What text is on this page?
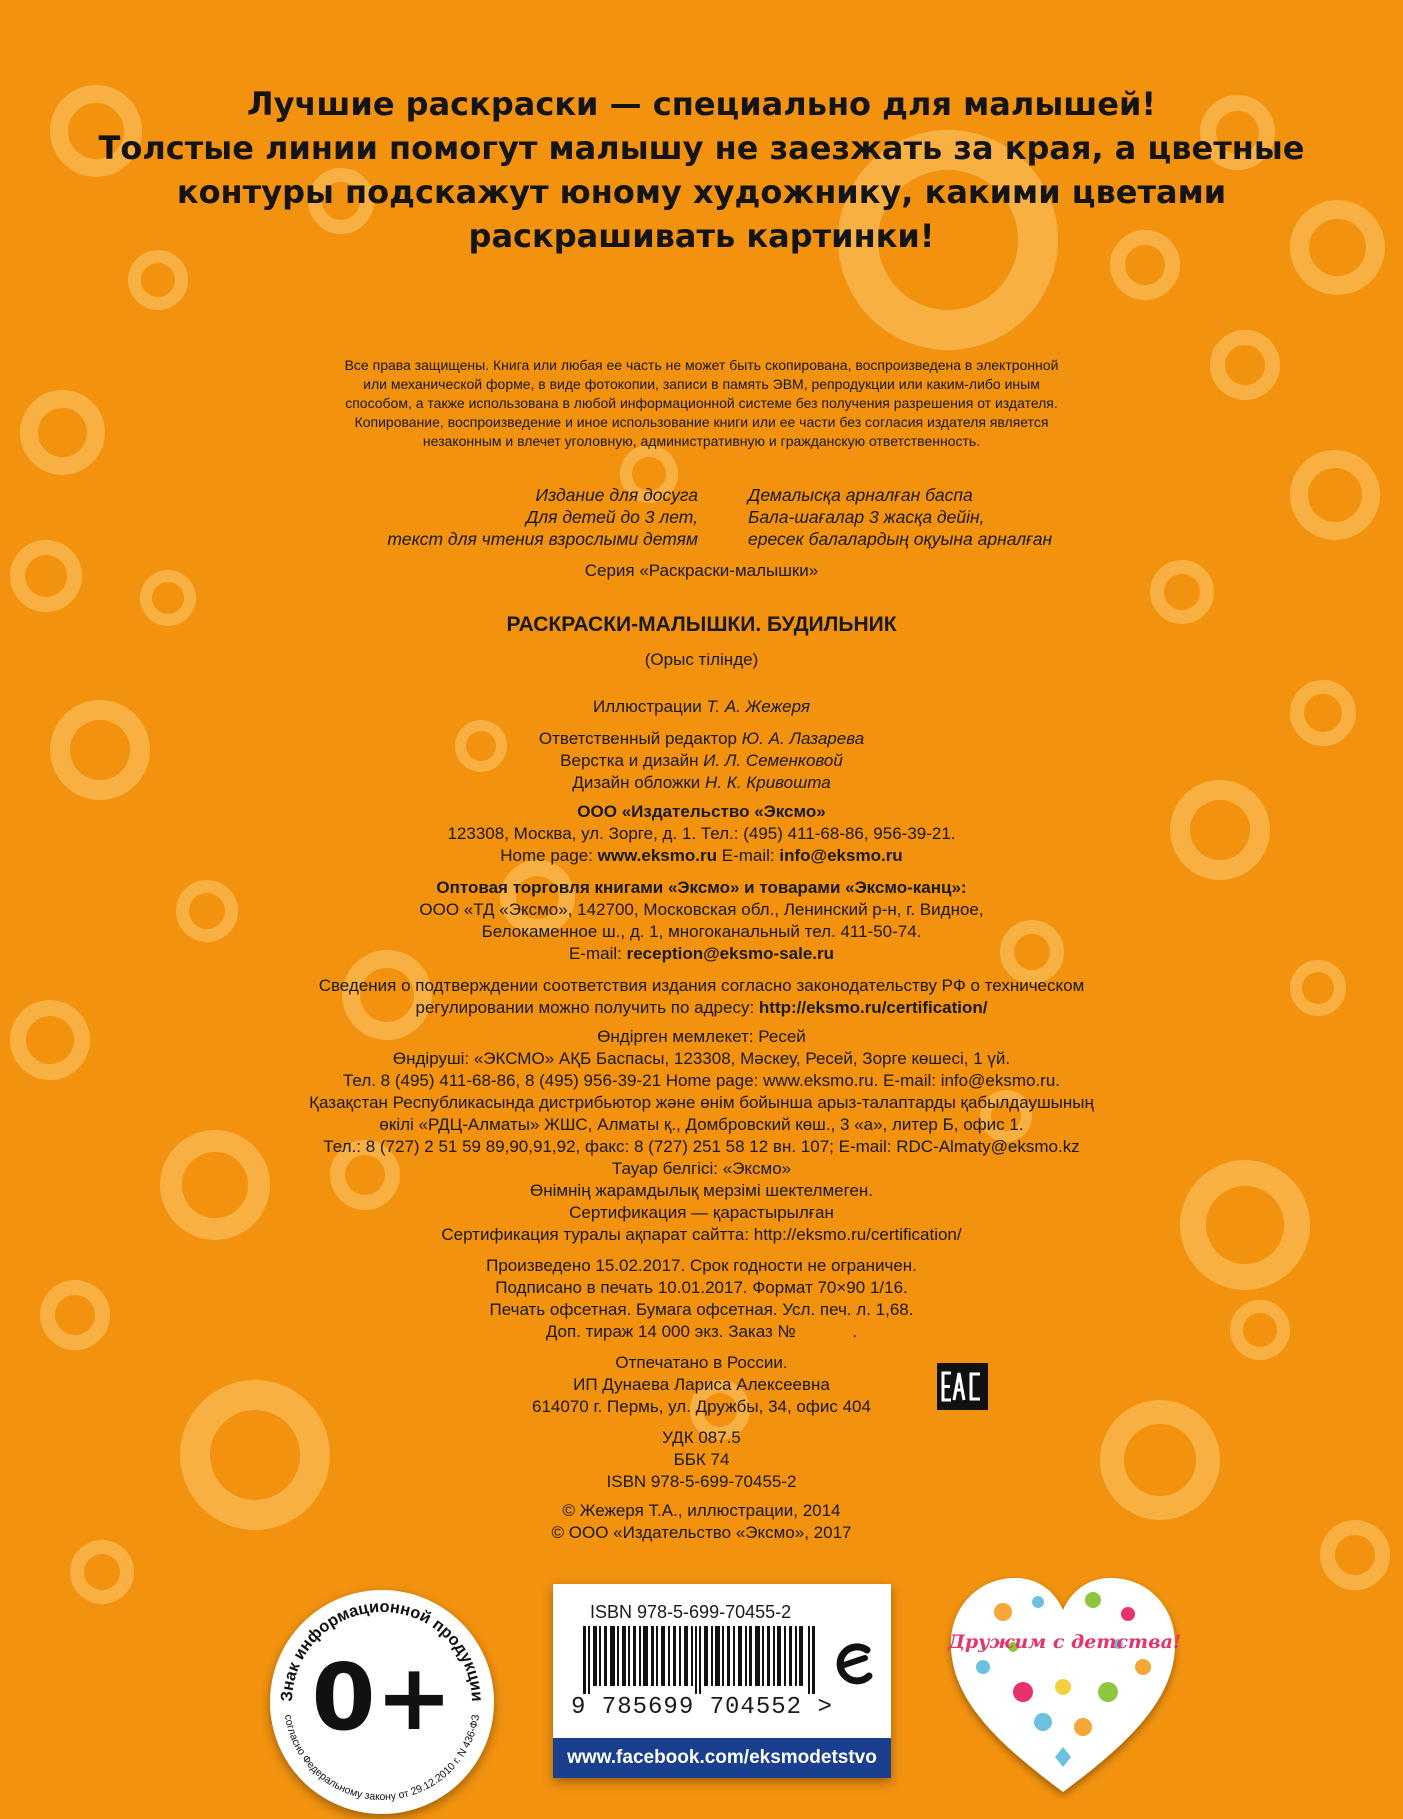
Лучшие раскраски — специально для малышей!
Толстые линии помогут малышу не заезжать за края, а цветные
контуры подскажут юному художнику, какими цветами
раскрашивать картинки!
Все права защищены. Книга или любая ее часть не может быть скопирована, воспроизведена в электронной
или механической форме, в виде фотокопии, записи в память ЭВМ, репродукции или каким-либо иным
способом, а также использована в любой информационной системе без получения разрешения от издателя.
Копирование, воспроизведение и иное использование книги или ее части без согласия издателя является
незаконным и влечет уголовную, административную и гражданскую ответственность.
Издание для досуга
Для детей до 3 лет,
текст для чтения взрослыми детям
Демалысқа арналған баспа
Бала-шағалар 3 жасқа дейін,
ересек балалардың оқуына арналған
Серия «Раскраски-малышки»
РАСКРАСКИ-МАЛЫШКИ. БУДИЛЬНИК
(Орыс тілінде)
Иллюстрации Т. А. Жежеря
Ответственный редактор Ю. А. Лазарева
Верстка и дизайн И. Л. Семенковой
Дизайн обложки Н. К. Кривошта
ООО «Издательство «Эксмо»
123308, Москва, ул. Зорге, д. 1. Тел.: (495) 411-68-86, 956-39-21.
Home page: www.eksmo.ru E-mail: info@eksmo.ru
Оптовая торговля книгами «Эксмо» и товарами «Эксмо-канц»:
ООО «ТД «Эксмо», 142700, Московская обл., Ленинский р-н, г. Видное,
Белокаменное ш., д. 1, многоканальный тел. 411-50-74.
E-mail: reception@eksmo-sale.ru
Сведения о подтверждении соответствия издания согласно законодательству РФ о техническом
регулировании можно получить по адресу: http://eksmo.ru/certification/
Өндірген мемлекет: Ресей
Өндіруші: «ЭКСМО» АҚБ Баспасы, 123308, Мәскеу, Ресей, Зорге көшесі, 1 үй.
Тел. 8 (495) 411-68-86, 8 (495) 956-39-21 Home page: www.eksmo.ru. E-mail: info@eksmo.ru.
Қазақстан Республикасында дистрибьютор және өнім бойынша арыз-талаптарды қабылдаушының
өкілі «РДЦ-Алматы» ЖШС, Алматы қ., Домбровский көш., 3 «а», литер Б, офис 1.
Тел.: 8 (727) 2 51 59 89,90,91,92, факс: 8 (727) 251 58 12 вн. 107; E-mail: RDC-Almaty@eksmo.kz
Тауар белгісі: «Эксмо»
Өнімнің жарамдылық мерзімі шектелмеген.
Сертификация — қарастырылған
Сертификация туралы ақпарат сайтта: http://eksmo.ru/certification/
Произведено 15.02.2017. Срок годности не ограничен.
Подписано в печать 10.01.2017. Формат 70×90 1/16.
Печать офсетная. Бумага офсетная. Усл. печ. л. 1,68.
Доп. тираж 14 000 экз. Заказ №            .
Отпечатано в России.
ИП Дунаева Лариса Алексеевна
614070 г. Пермь, ул. Дружбы, 34, офис 404
УДК 087.5
ББК 74
ISBN 978-5-699-70455-2
© Жежеря Т.А., иллюстрации, 2014
© ООО «Издательство «Эксмо», 2017
Знак информационной продукции
согласно Федеральному закону от 29.12.2010 г. N 436-ФЗ
0+
ISBN 978-5-699-70455-2
9 785699 704552 >
www.facebook.com/eksmodetstvo
Дружим с детства!
